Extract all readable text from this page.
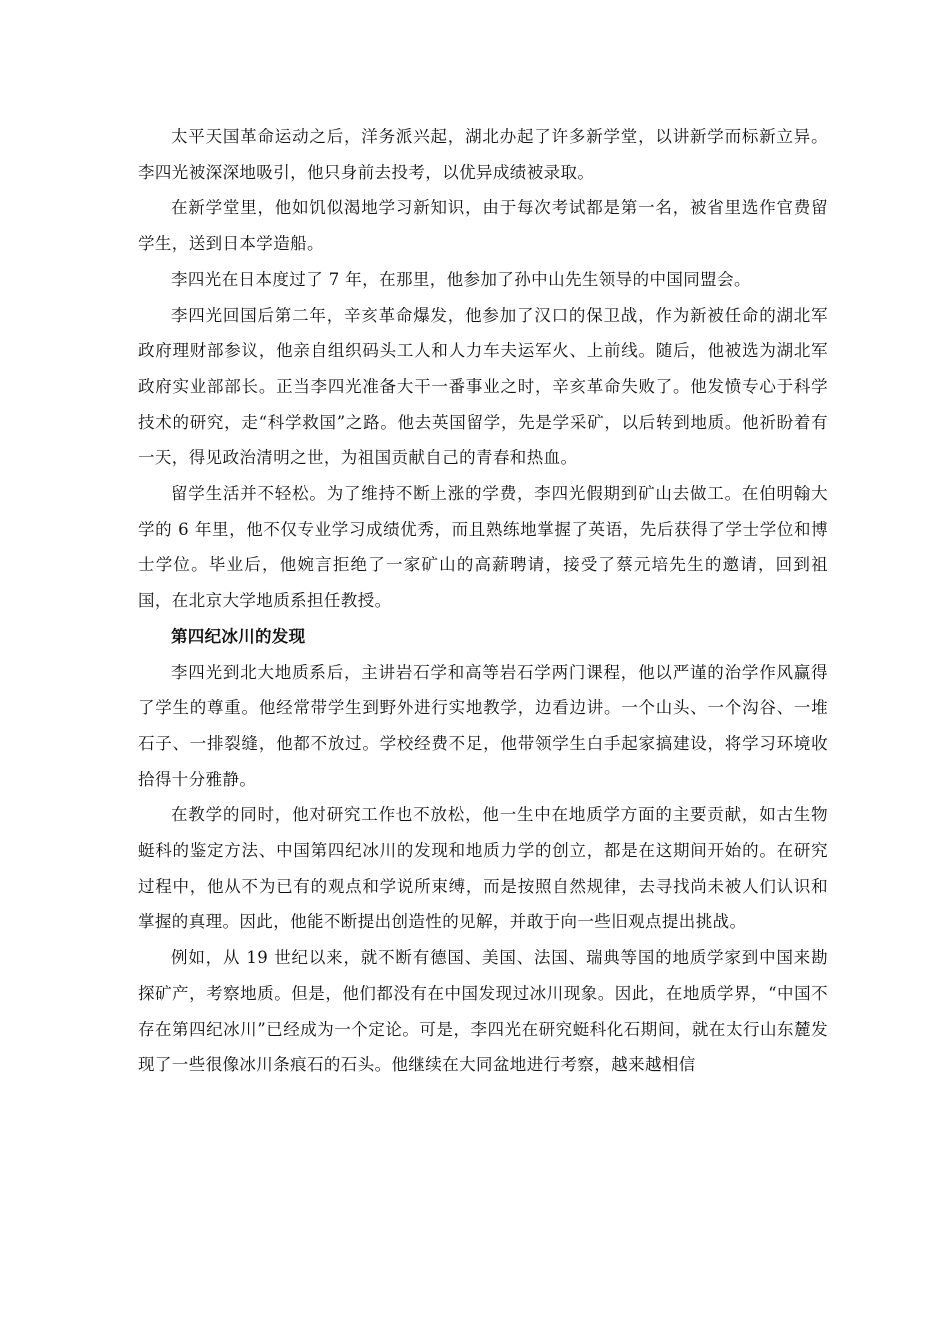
太平天国革命运动之后，洋务派兴起，湖北办起了许多新学堂，以讲新学而标新立异。李四光被深深地吸引，他只身前去投考，以优异成绩被录取。

在新学堂里，他如饥似渴地学习新知识，由于每次考试都是第一名，被省里选作官费留学生，送到日本学造船。

李四光在日本度过了 7 年，在那里，他参加了孙中山先生领导的中国同盟会。

李四光回国后第二年，辛亥革命爆发，他参加了汉口的保卫战，作为新被任命的湖北军政府理财部参议，他亲自组织码头工人和人力车夫运军火、上前线。随后，他被选为湖北军政府实业部部长。正当李四光准备大干一番事业之时，辛亥革命失败了。他发愤专心于科学技术的研究，走“科学救国”之路。他去英国留学，先是学采矿，以后转到地质。他祈盼着有一天，得见政治清明之世，为祖国贡献自己的青春和热血。

留学生活并不轻松。为了维持不断上涨的学费，李四光假期到矿山去做工。在伯明翰大学的 6 年里，他不仅专业学习成绩优秀，而且熟练地掌握了英语，先后获得了学士学位和博士学位。毕业后，他婉言拒绝了一家矿山的高薪聘请，接受了蔡元培先生的邀请，回到祖国，在北京大学地质系担任教授。

第四纪冰川的发现

李四光到北大地质系后，主讲岩石学和高等岩石学两门课程，他以严谨的治学作风赢得了学生的尊重。他经常带学生到野外进行实地教学，边看边讲。一个山头、一个沟谷、一堆石子、一排裂缝，他都不放过。学校经费不足，他带领学生白手起家搞建设，将学习环境收拾得十分雅静。

在教学的同时，他对研究工作也不放松，他一生中在地质学方面的主要贡献，如古生物蜓科的鉴定方法、中国第四纪冰川的发现和地质力学的创立，都是在这期间开始的。在研究过程中，他从不为已有的观点和学说所束缚，而是按照自然规律，去寻找尚未被人们认识和掌握的真理。因此，他能不断提出创造性的见解，并敢于向一些旧观点提出挑战。

例如，从 19 世纪以来，就不断有德国、美国、法国、瑞典等国的地质学家到中国来勘探矿产，考察地质。但是，他们都没有在中国发现过冰川现象。因此，在地质学界，“中国不存在第四纪冰川”已经成为一个定论。可是，李四光在研究蜓科化石期间，就在太行山东麓发现了一些很像冰川条痕石的石头。他继续在大同盆地进行考察，越来越相信
